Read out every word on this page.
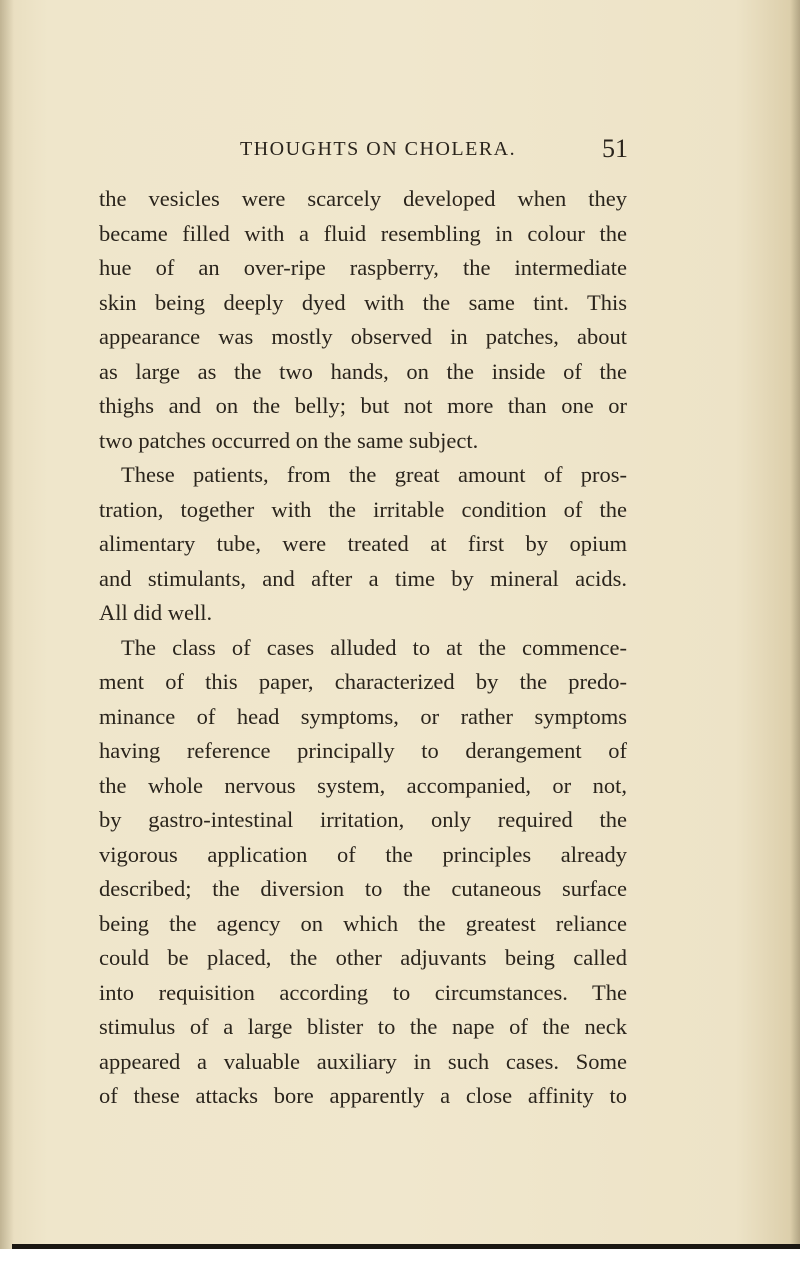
THOUGHTS ON CHOLERA.	51
the vesicles were scarcely developed when they
became filled with a fluid resembling in colour the
hue of an over-ripe raspberry, the intermediate
skin being deeply dyed with the same tint. This
appearance was mostly observed in patches, about
as large as the two hands, on the inside of the
thighs and on the belly; but not more than one or
two patches occurred on the same subject.
These patients, from the great amount of pros-
tration, together with the irritable condition of the
alimentary tube, were treated at first by opium
and stimulants, and after a time by mineral acids.
All did well.
The class of cases alluded to at the commence-
ment of this paper, characterized by the predo-
minance of head symptoms, or rather symptoms
having reference principally to derangement of
the whole nervous system, accompanied, or not,
by gastro-intestinal irritation, only required the
vigorous application of the principles already
described; the diversion to the cutaneous surface
being the agency on which the greatest reliance
could be placed, the other adjuvants being called
into requisition according to circumstances. The
stimulus of a large blister to the nape of the neck
appeared a valuable auxiliary in such cases. Some
of these attacks bore apparently a close affinity to
